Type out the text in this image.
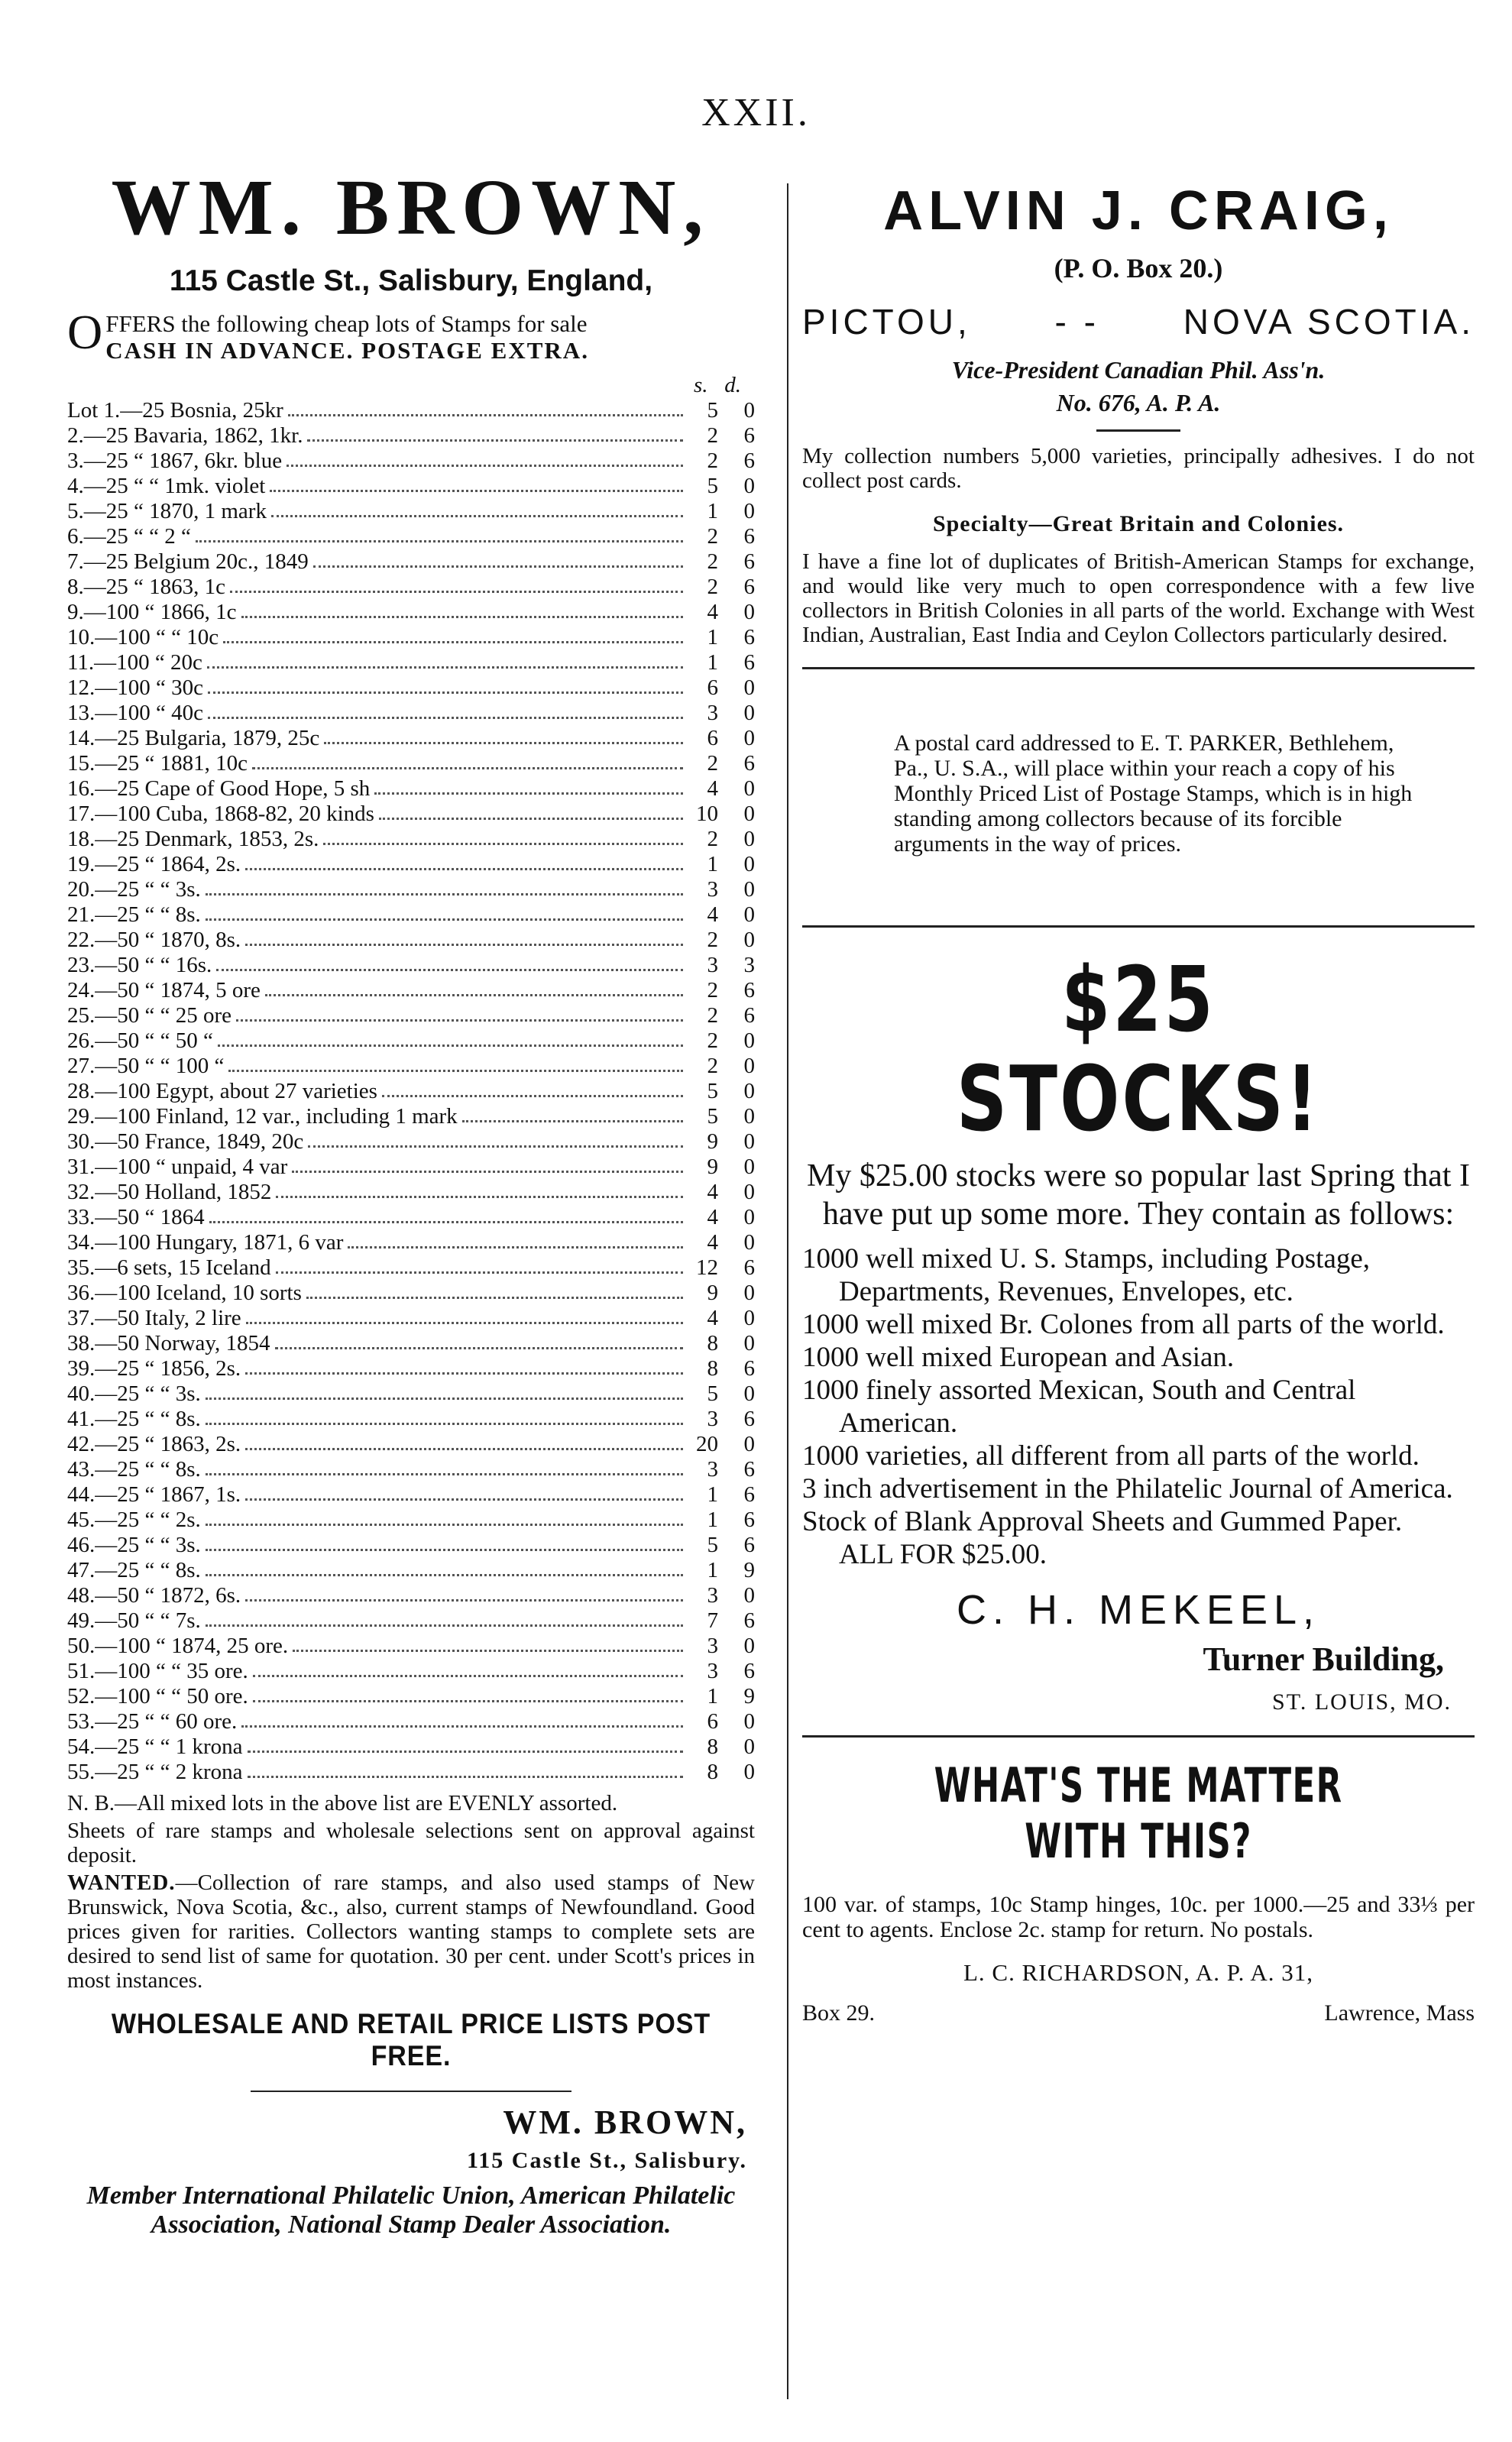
XXII.
WM. BROWN,
115 Castle St., Salisbury, England,
O FFERS the following cheap lots of Stamps for sale
CASH IN ADVANCE. POSTAGE EXTRA.
s. d.
Lot 1.—25 Bosnia, 25kr	5	0
2.—25 Bavaria, 1862, 1kr.	2	6
3.—25 “ 1867, 6kr. blue	2	6
4.—25 “ “ 1mk. violet	5	0
5.—25 “ 1870, 1 mark	1	0
6.—25 “ “ 2 “	2	6
7.—25 Belgium 20c., 1849	2	6
8.—25 “ 1863, 1c	2	6
9.—100 “ 1866, 1c	4	0
10.—100 “ “ 10c	1	6
11.—100 “ 20c	1	6
12.—100 “ 30c	6	0
13.—100 “ 40c	3	0
14.—25 Bulgaria, 1879, 25c	6	0
15.—25 “ 1881, 10c	2	6
16.—25 Cape of Good Hope, 5 sh	4	0
17.—100 Cuba, 1868-82, 20 kinds	10	0
18.—25 Denmark, 1853, 2s.	2	0
19.—25 “ 1864, 2s.	1	0
20.—25 “ “ 3s.	3	0
21.—25 “ “ 8s.	4	0
22.—50 “ 1870, 8s.	2	0
23.—50 “ “ 16s.	3	3
24.—50 “ 1874, 5 ore	2	6
25.—50 “ “ 25 ore	2	6
26.—50 “ “ 50 “	2	0
27.—50 “ “ 100 “	2	0
28.—100 Egypt, about 27 varieties	5	0
29.—100 Finland, 12 var., including 1 mark	5	0
30.—50 France, 1849, 20c	9	0
31.—100 “ unpaid, 4 var	9	0
32.—50 Holland, 1852	4	0
33.—50 “ 1864	4	0
34.—100 Hungary, 1871, 6 var	4	0
35.—6 sets, 15 Iceland	12	6
36.—100 Iceland, 10 sorts	9	0
37.—50 Italy, 2 lire	4	0
38.—50 Norway, 1854	8	0
39.—25 “ 1856, 2s.	8	6
40.—25 “ “ 3s.	5	0
41.—25 “ “ 8s.	3	6
42.—25 “ 1863, 2s.	20	0
43.—25 “ “ 8s.	3	6
44.—25 “ 1867, 1s.	1	6
45.—25 “ “ 2s.	1	6
46.—25 “ “ 3s.	5	6
47.—25 “ “ 8s.	1	9
48.—50 “ 1872, 6s.	3	0
49.—50 “ “ 7s.	7	6
50.—100 “ 1874, 25 ore.	3	0
51.—100 “ “ 35 ore.	3	6
52.—100 “ “ 50 ore.	1	9
53.—25 “ “ 60 ore.	6	0
54.—25 “ “ 1 krona	8	0
55.—25 “ “ 2 krona	8	0

N. B.—All mixed lots in the above list are EVENLY assorted.

Sheets of rare stamps and wholesale selections sent on approval against deposit.

WANTED.—Collection of rare stamps, and also used stamps of New Brunswick, Nova Scotia, &c., also, current stamps of Newfoundland. Good prices given for rarities. Collectors wanting stamps to complete sets are desired to send list of same for quotation. 30 per cent. under Scott's prices in most instances.

WHOLESALE AND RETAIL PRICE LISTS POST FREE.
WM. BROWN,
115 Castle St., Salisbury.
Member International Philatelic Union, American Philatelic Association, National Stamp Dealer Association.
ALVIN J. CRAIG,
(P. O. Box 20.)
PICTOU, - - NOVA SCOTIA.
Vice-President Canadian Phil. Ass'n.
No. 676, A. P. A.
My collection numbers 5,000 varieties, principally adhesives. I do not collect post cards.
Specialty—Great Britain and Colonies.
I have a fine lot of duplicates of British-American Stamps for exchange, and would like very much to open correspondence with a few live collectors in British Colonies in all parts of the world. Exchange with West Indian, Australian, East India and Ceylon Collectors particularly desired.
A postal card addressed to E. T. PARKER, Bethlehem, Pa., U. S.A., will place within your reach a copy of his Monthly Priced List of Postage Stamps, which is in high standing among collectors because of its forcible arguments in the way of prices.
$25 STOCKS!
My $25.00 stocks were so popular last Spring that I have put up some more. They contain as follows:

1000 well mixed U. S. Stamps, including Postage, Departments, Revenues, Envelopes, etc.

1000 well mixed Br. Colones from all parts of the world.

1000 well mixed European and Asian.

1000 finely assorted Mexican, South and Central American.

1000 varieties, all different from all parts of the world.

3 inch advertisement in the Philatelic Journal of America.

Stock of Blank Approval Sheets and Gummed Paper.

ALL FOR $25.00.
C. H. MEKEEL,
Turner Building,
ST. LOUIS, MO.
WHAT'S THE MATTER WITH THIS?
100 var. of stamps, 10c Stamp hinges, 10c. per 1000.—25 and 33⅓ per cent to agents. Enclose 2c. stamp for return. No postals.
L. C. RICHARDSON, A. P. A. 31,
Box 29.	Lawrence, Mass
